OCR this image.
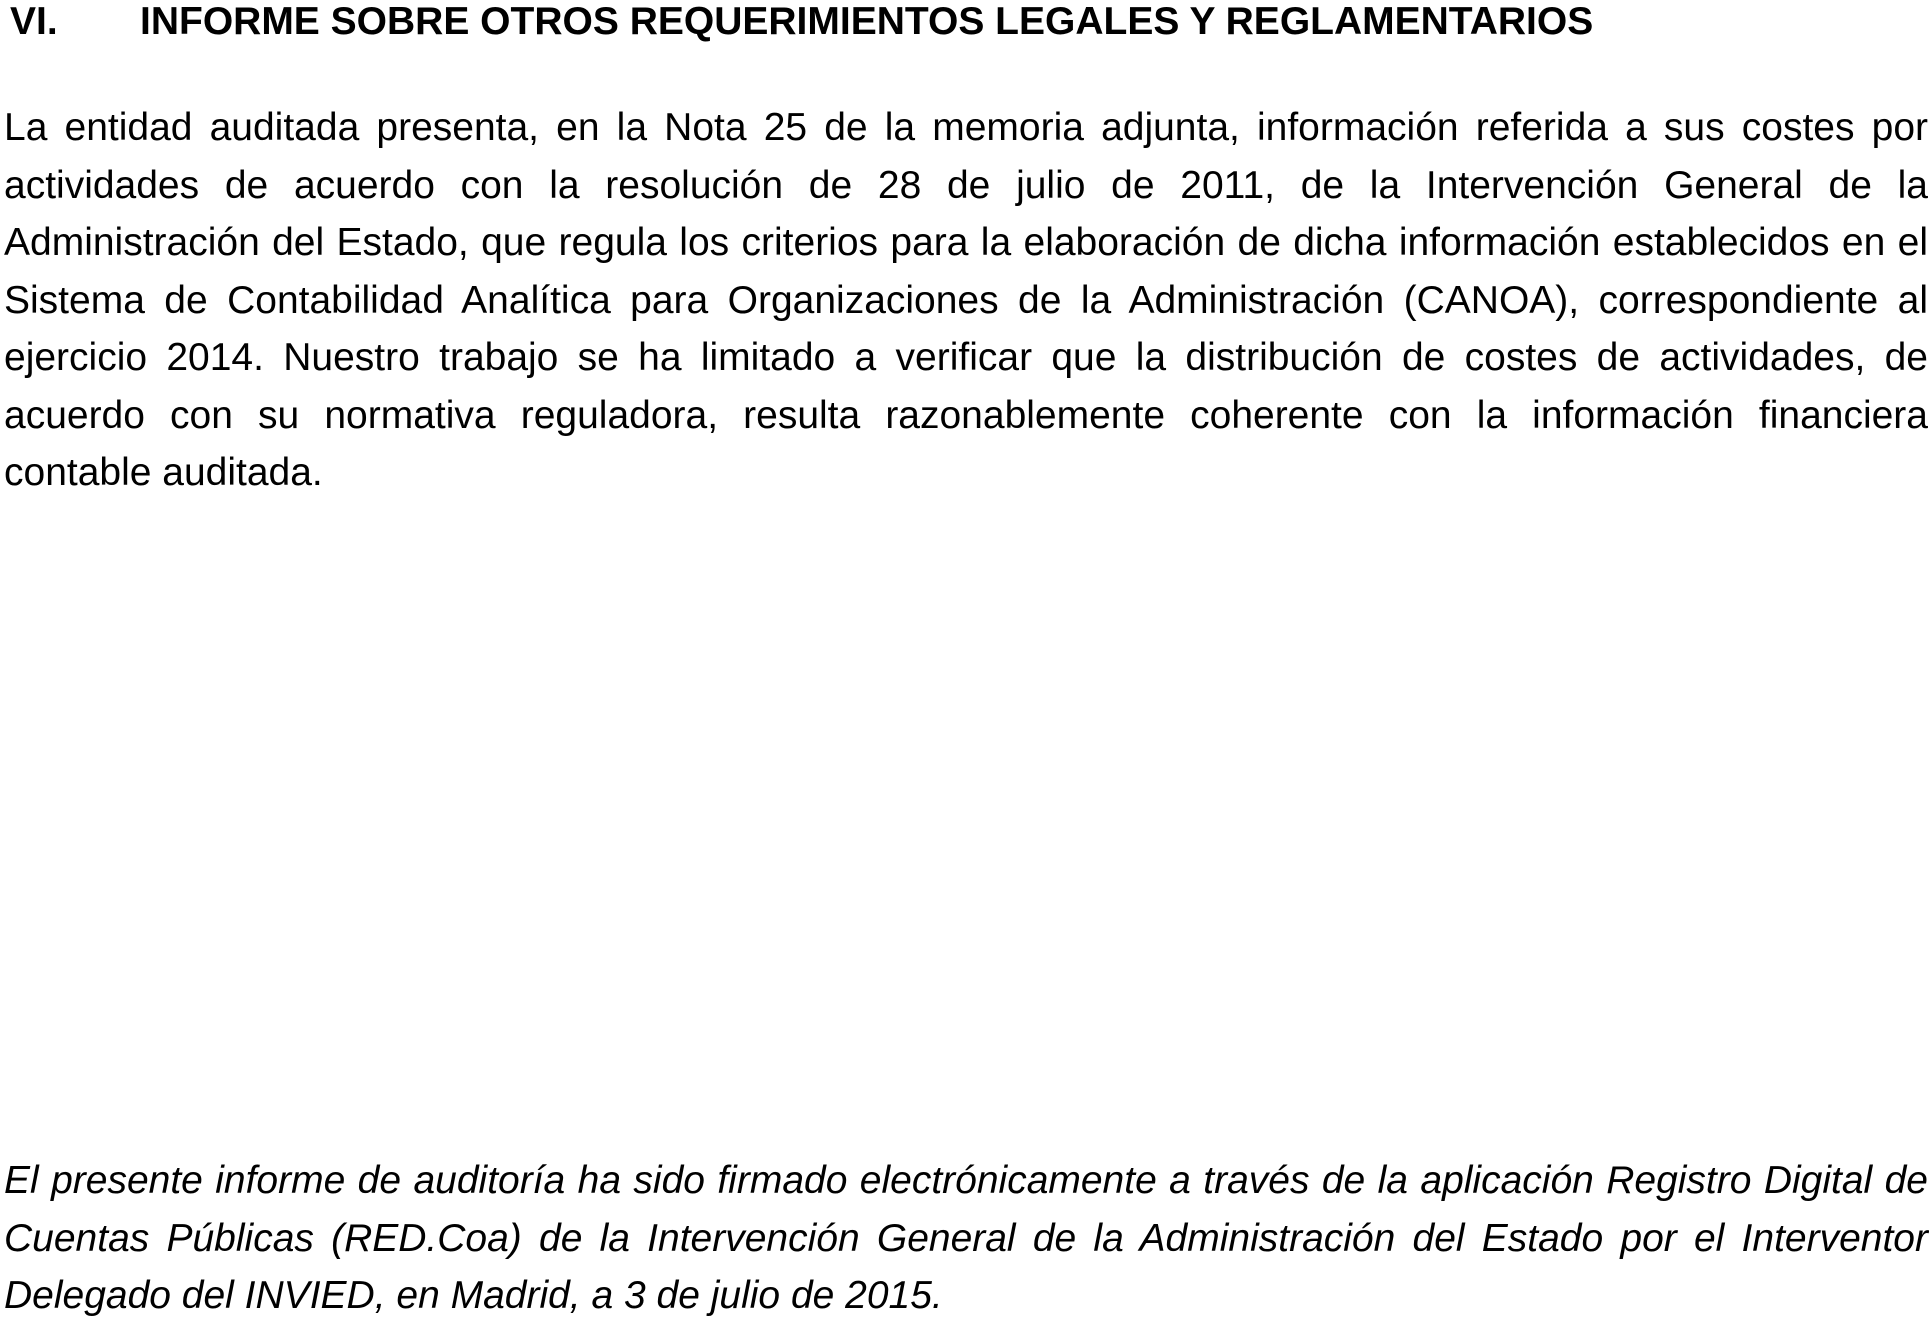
VI. INFORME SOBRE OTROS REQUERIMIENTOS LEGALES Y REGLAMENTARIOS

La entidad auditada presenta, en la Nota 25 de la memoria adjunta, información referida a sus costes por actividades de acuerdo con la resolución de 28 de julio de 2011, de la Intervención General de la Administración del Estado, que regula los criterios para la elaboración de dicha información establecidos en el Sistema de Contabilidad Analítica para Organizaciones de la Administración (CANOA), correspondiente al ejercicio 2014. Nuestro trabajo se ha limitado a verificar que la distribución de costes de actividades, de acuerdo con su normativa reguladora, resulta razonablemente coherente con la información financiera contable auditada.

El presente informe de auditoría ha sido firmado electrónicamente a través de la aplicación Registro Digital de Cuentas Públicas (RED.Coa) de la Intervención General de la Administración del Estado por el Interventor Delegado del INVIED, en Madrid, a 3 de julio de 2015.
